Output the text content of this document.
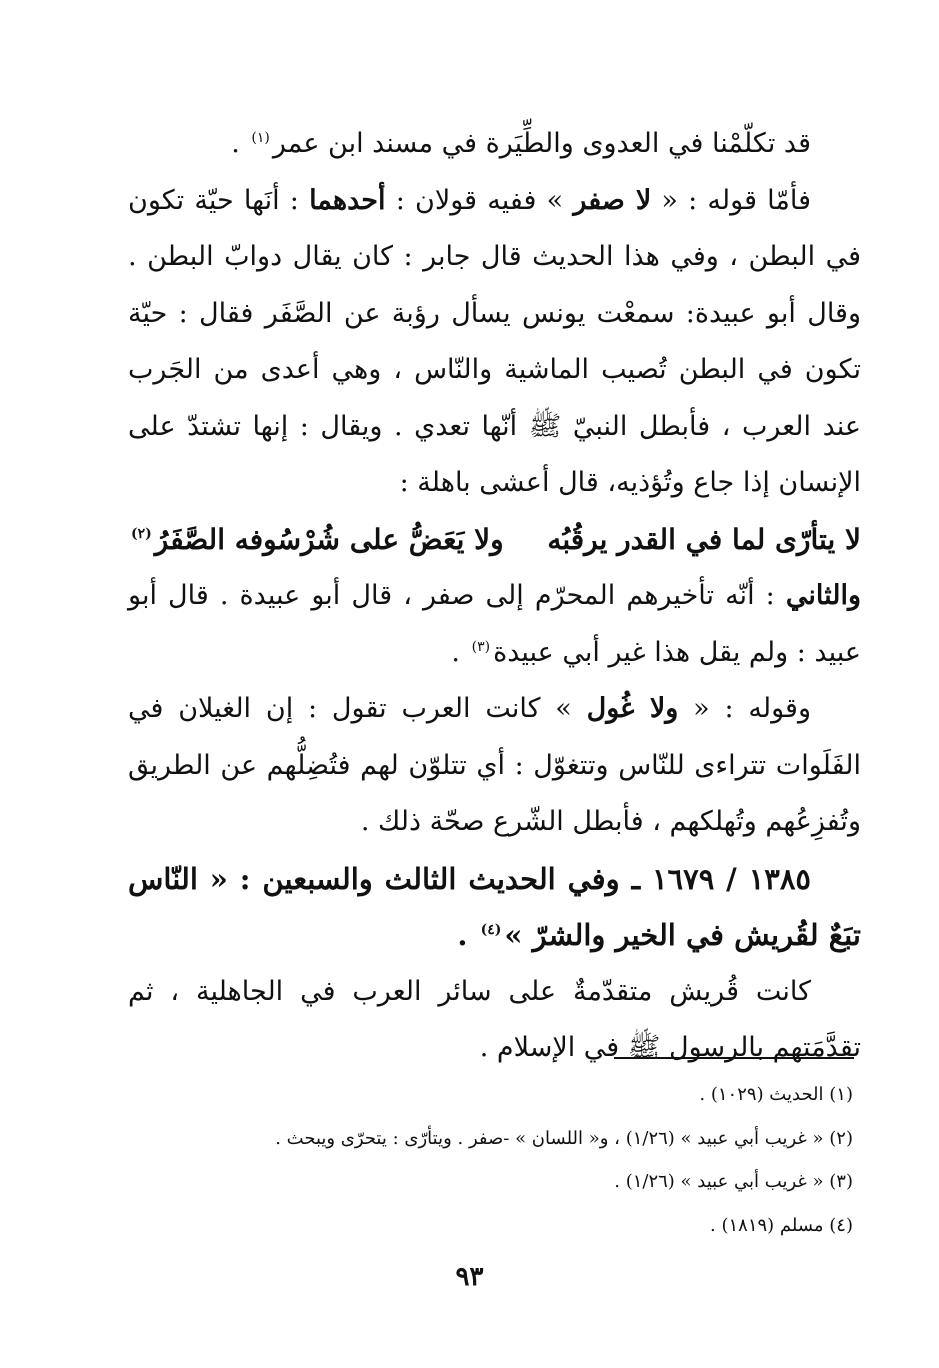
قد تكلّمْنا في العدوى والطِّيَرة في مسند ابن عمر$^{(١)}$ .

فأمّا قوله : « لا صفر » ففيه قولان : أحدهما : أنَها حيّة تكون في البطن ، وفي هذا الحديث قال جابر : كان يقال دوابّ البطن . وقال أبو عبيدة: سمعْت يونس يسأل رؤبة عن الصَّفَر فقال : حيّة تكون في البطن تُصيب الماشية والنّاس ، وهي أعدى من الجَرب عند العرب ، فأبطل النبيّ ﷺ أنّها تعدي . ويقال : إنها تشتدّ على الإنسان إذا جاع وتُؤذيه، قال أعشى باهلة :

لا يتأرّى لما في القدر يرقُبُه
ولا يَعَضُّ على شُرْسُوفه الصَّفَرُ$^{(٢)}$

والثاني : أنّه تأخيرهم المحرّم إلى صفر ، قال أبو عبيدة . قال أبو عبيد : ولم يقل هذا غير أبي عبيدة$^{(٣)}$ .

وقوله : « ولا غُول » كانت العرب تقول : إن الغيلان في الفَلَوات تتراءى للنّاس وتتغوّل : أي تتلوّن لهم فتُضِلُّهم عن الطريق وتُفزِعُهم وتُهلكهم ، فأبطل الشّرع صحّة ذلك .

١٣٨٥ / ١٦٧٩ ـ وفي الحديث الثالث والسبعين : « النّاس تبَعٌ لقُريش في الخير والشرّ »$^{(٤)}$ .

كانت قُريش متقدّمةٌ على سائر العرب في الجاهلية ، ثم تقدَّمَتهم بالرسول ﷺ في الإسلام .

(١) الحديث (١٠٢٩) .
(٢) « غريب أبي عبيد » (١/٢٦) ، و« اللسان » -صفر . ويتأرّى : يتحرّى ويبحث .
(٣) « غريب أبي عبيد » (١/٢٦) .
(٤) مسلم (١٨١٩) .
٩٣
